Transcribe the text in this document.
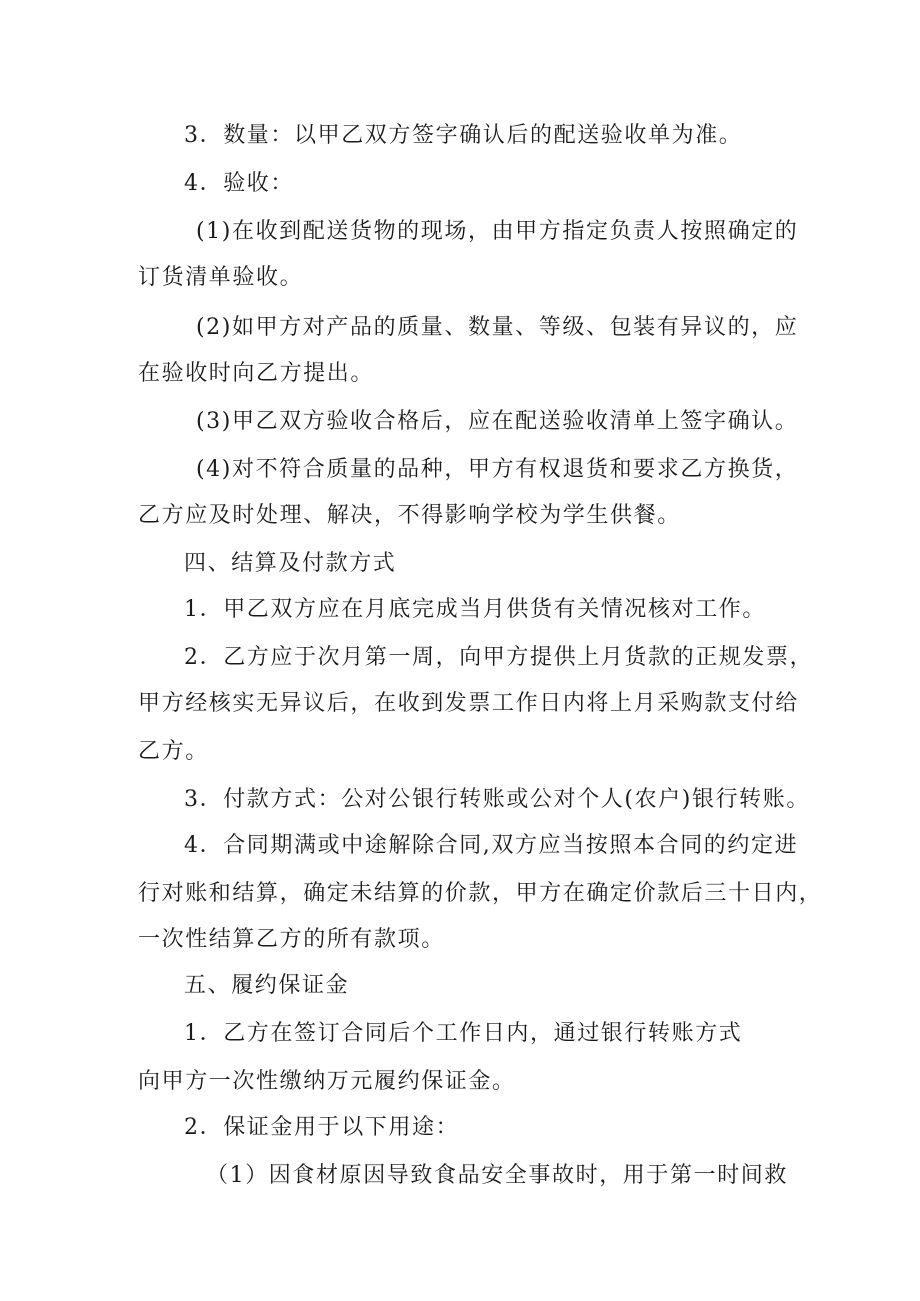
3．数量：以甲乙双方签字确认后的配送验收单为准。
4．验收：
(1)在收到配送货物的现场，由甲方指定负责人按照确定的
订货清单验收。
(2)如甲方对产品的质量、数量、等级、包装有异议的，应
在验收时向乙方提出。
(3)甲乙双方验收合格后，应在配送验收清单上签字确认。
(4)对不符合质量的品种，甲方有权退货和要求乙方换货，
乙方应及时处理、解决，不得影响学校为学生供餐。
四、结算及付款方式
1．甲乙双方应在月底完成当月供货有关情况核对工作。
2．乙方应于次月第一周，向甲方提供上月货款的正规发票，
甲方经核实无异议后，在收到发票工作日内将上月采购款支付给
乙方。
3．付款方式：公对公银行转账或公对个人(农户)银行转账。
4．合同期满或中途解除合同,双方应当按照本合同的约定进
行对账和结算，确定未结算的价款，甲方在确定价款后三十日内，
一次性结算乙方的所有款项。
五、履约保证金
1．乙方在签订合同后个工作日内，通过银行转账方式
向甲方一次性缴纳万元履约保证金。
2．保证金用于以下用途：
（1）因食材原因导致食品安全事故时，用于第一时间救
